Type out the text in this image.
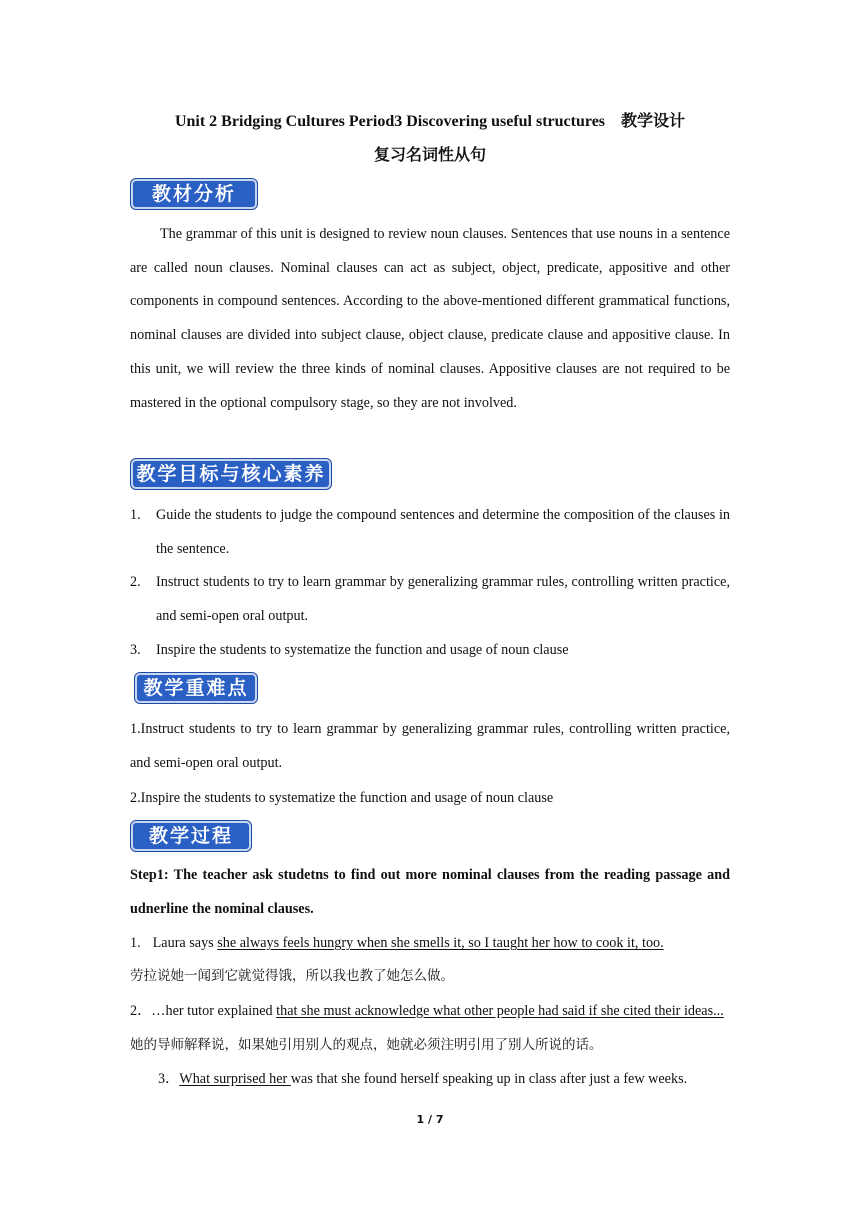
Unit 2 Bridging Cultures Period3 Discovering useful structures　教学设计
复习名词性从句
教材分析
The grammar of this unit is designed to review noun clauses. Sentences that use nouns in a sentence are called noun clauses. Nominal clauses can act as subject, object, predicate, appositive and other components in compound sentences. According to the above-mentioned different grammatical functions, nominal clauses are divided into subject clause, object clause, predicate clause and appositive clause. In this unit, we will review the three kinds of nominal clauses. Appositive clauses are not required to be mastered in the optional compulsory stage, so they are not involved.
教学目标与核心素养
1. Guide the students to judge the compound sentences and determine the composition of the clauses in the sentence.
2. Instruct students to try to learn grammar by generalizing grammar rules, controlling written practice, and semi-open oral output.
3. Inspire the students to systematize the function and usage of noun clause
教学重难点
1.Instruct students to try to learn grammar by generalizing grammar rules, controlling written practice, and semi-open oral output.
2.Inspire the students to systematize the function and usage of noun clause
教学过程
Step1: The teacher ask studetns to find out more nominal clauses from the reading passage and udnerline the nominal clauses.
1. Laura says she always feels hungry when she smells it, so I taught her how to cook it, too.
劳拉说她一闻到它就觉得饿，所以我也教了她怎么做。
2．…her tutor explained that she must acknowledge what other people had said if she cited their ideas...
她的导师解释说，如果她引用别人的观点，她就必须注明引用了别人所说的话。
3．What surprised her was that she found herself speaking up in class after just a few weeks.
1 / 7
